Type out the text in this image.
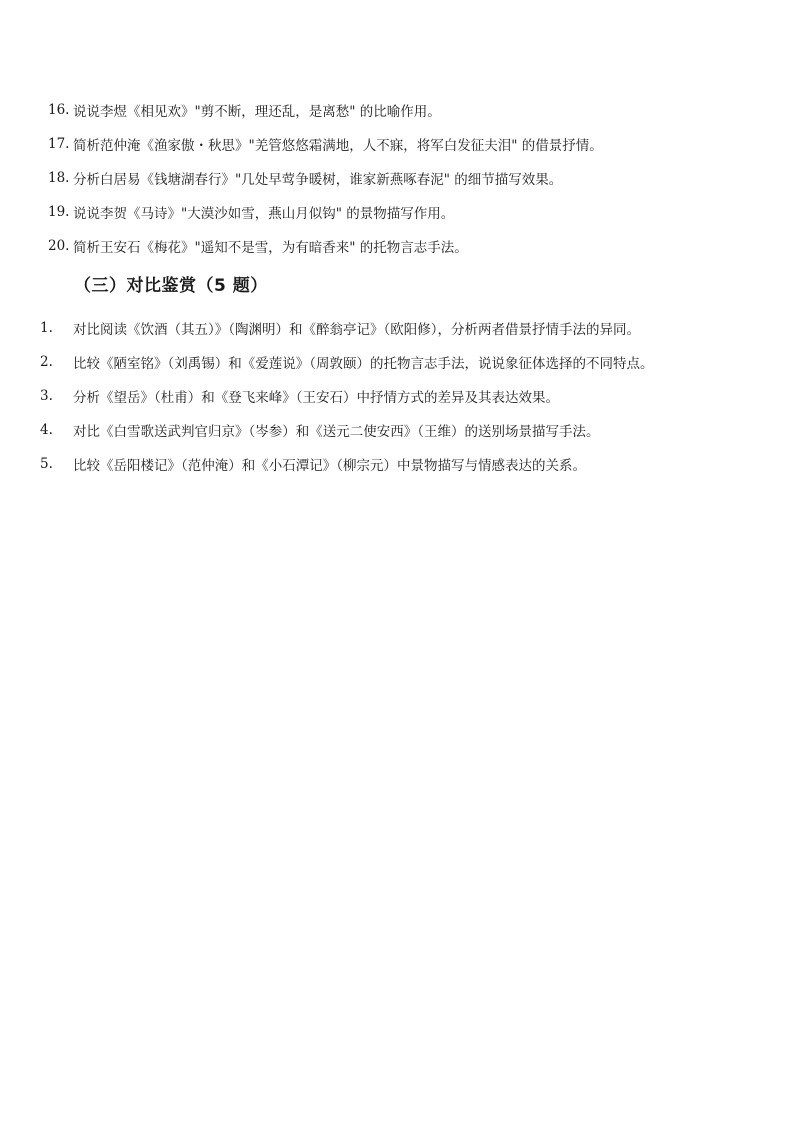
16. 说说李煜《相见欢》"剪不断，理还乱，是离愁" 的比喻作用。
17. 简析范仲淹《渔家傲・秋思》"羌管悠悠霜满地，人不寐，将军白发征夫泪" 的借景抒情。
18. 分析白居易《钱塘湖春行》"几处早莺争暖树，谁家新燕啄春泥" 的细节描写效果。
19. 说说李贺《马诗》"大漠沙如雪，燕山月似钩" 的景物描写作用。
20. 简析王安石《梅花》"遥知不是雪，为有暗香来" 的托物言志手法。
（三）对比鉴赏（5 题）
1.	对比阅读《饮酒（其五）》（陶渊明）和《醉翁亭记》（欧阳修），分析两者借景抒情手法的异同。
2.	比较《陋室铭》（刘禹锡）和《爱莲说》（周敦颐）的托物言志手法，说说象征体选择的不同特点。
3.	分析《望岳》（杜甫）和《登飞来峰》（王安石）中抒情方式的差异及其表达效果。
4.	对比《白雪歌送武判官归京》（岑参）和《送元二使安西》（王维）的送别场景描写手法。
5.	比较《岳阳楼记》（范仲淹）和《小石潭记》（柳宗元）中景物描写与情感表达的关系。
